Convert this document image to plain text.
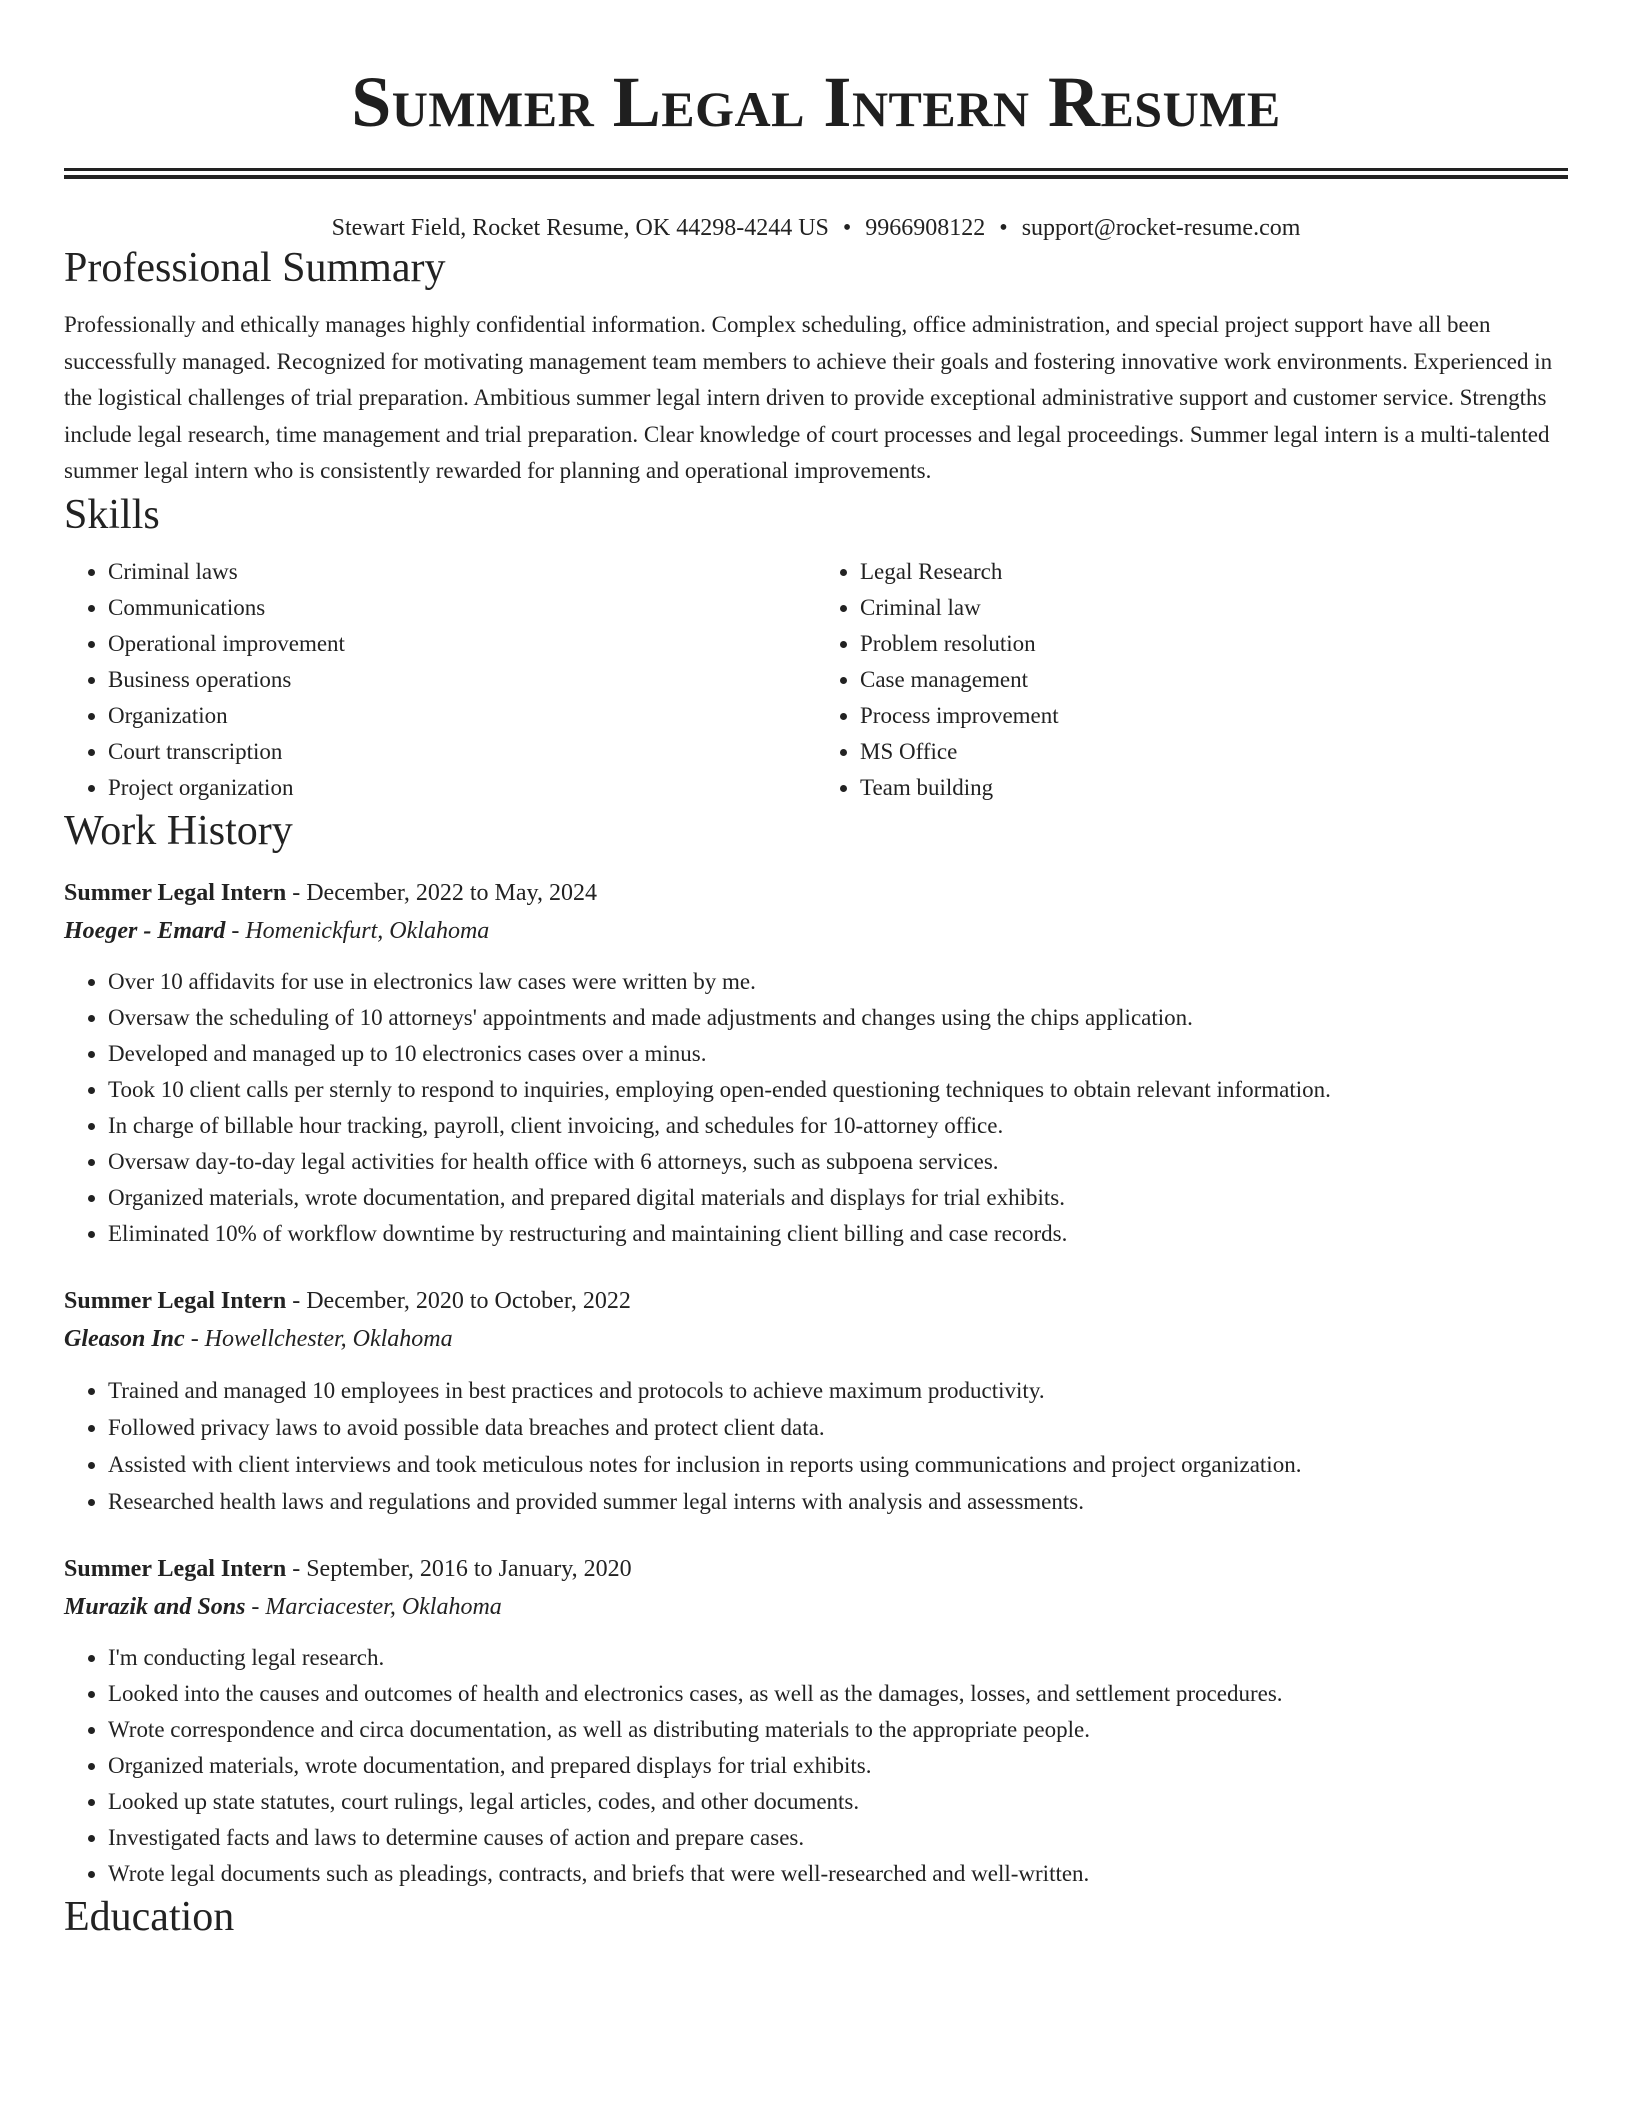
Summer Legal Intern Resume
Stewart Field, Rocket Resume, OK 44298-4244 US • 9966908122 • support@rocket-resume.com
Professional Summary

Professionally and ethically manages highly confidential information. Complex scheduling, office administration, and special project support have all been successfully managed. Recognized for motivating management team members to achieve their goals and fostering innovative work environments. Experienced in the logistical challenges of trial preparation. Ambitious summer legal intern driven to provide exceptional administrative support and customer service. Strengths include legal research, time management and trial preparation. Clear knowledge of court processes and legal proceedings. Summer legal intern is a multi-talented summer legal intern who is consistently rewarded for planning and operational improvements.

Skills
• Criminal laws
• Communications
• Operational improvement
• Business operations
• Organization
• Court transcription
• Project organization
• Legal Research
• Criminal law
• Problem resolution
• Case management
• Process improvement
• MS Office
• Team building
Work History
Summer Legal Intern - December, 2022 to May, 2024
Hoeger - Emard - Homenickfurt, Oklahoma
• Over 10 affidavits for use in electronics law cases were written by me.
• Oversaw the scheduling of 10 attorneys' appointments and made adjustments and changes using the chips application.
• Developed and managed up to 10 electronics cases over a minus.
• Took 10 client calls per sternly to respond to inquiries, employing open-ended questioning techniques to obtain relevant information.
• In charge of billable hour tracking, payroll, client invoicing, and schedules for 10-attorney office.
• Oversaw day-to-day legal activities for health office with 6 attorneys, such as subpoena services.
• Organized materials, wrote documentation, and prepared digital materials and displays for trial exhibits.
• Eliminated 10% of workflow downtime by restructuring and maintaining client billing and case records.
Summer Legal Intern - December, 2020 to October, 2022
Gleason Inc - Howellchester, Oklahoma
• Trained and managed 10 employees in best practices and protocols to achieve maximum productivity.
• Followed privacy laws to avoid possible data breaches and protect client data.
• Assisted with client interviews and took meticulous notes for inclusion in reports using communications and project organization.
• Researched health laws and regulations and provided summer legal interns with analysis and assessments.
Summer Legal Intern - September, 2016 to January, 2020
Murazik and Sons - Marciacester, Oklahoma
• I'm conducting legal research.
• Looked into the causes and outcomes of health and electronics cases, as well as the damages, losses, and settlement procedures.
• Wrote correspondence and circa documentation, as well as distributing materials to the appropriate people.
• Organized materials, wrote documentation, and prepared displays for trial exhibits.
• Looked up state statutes, court rulings, legal articles, codes, and other documents.
• Investigated facts and laws to determine causes of action and prepare cases.
• Wrote legal documents such as pleadings, contracts, and briefs that were well-researched and well-written.
Education
